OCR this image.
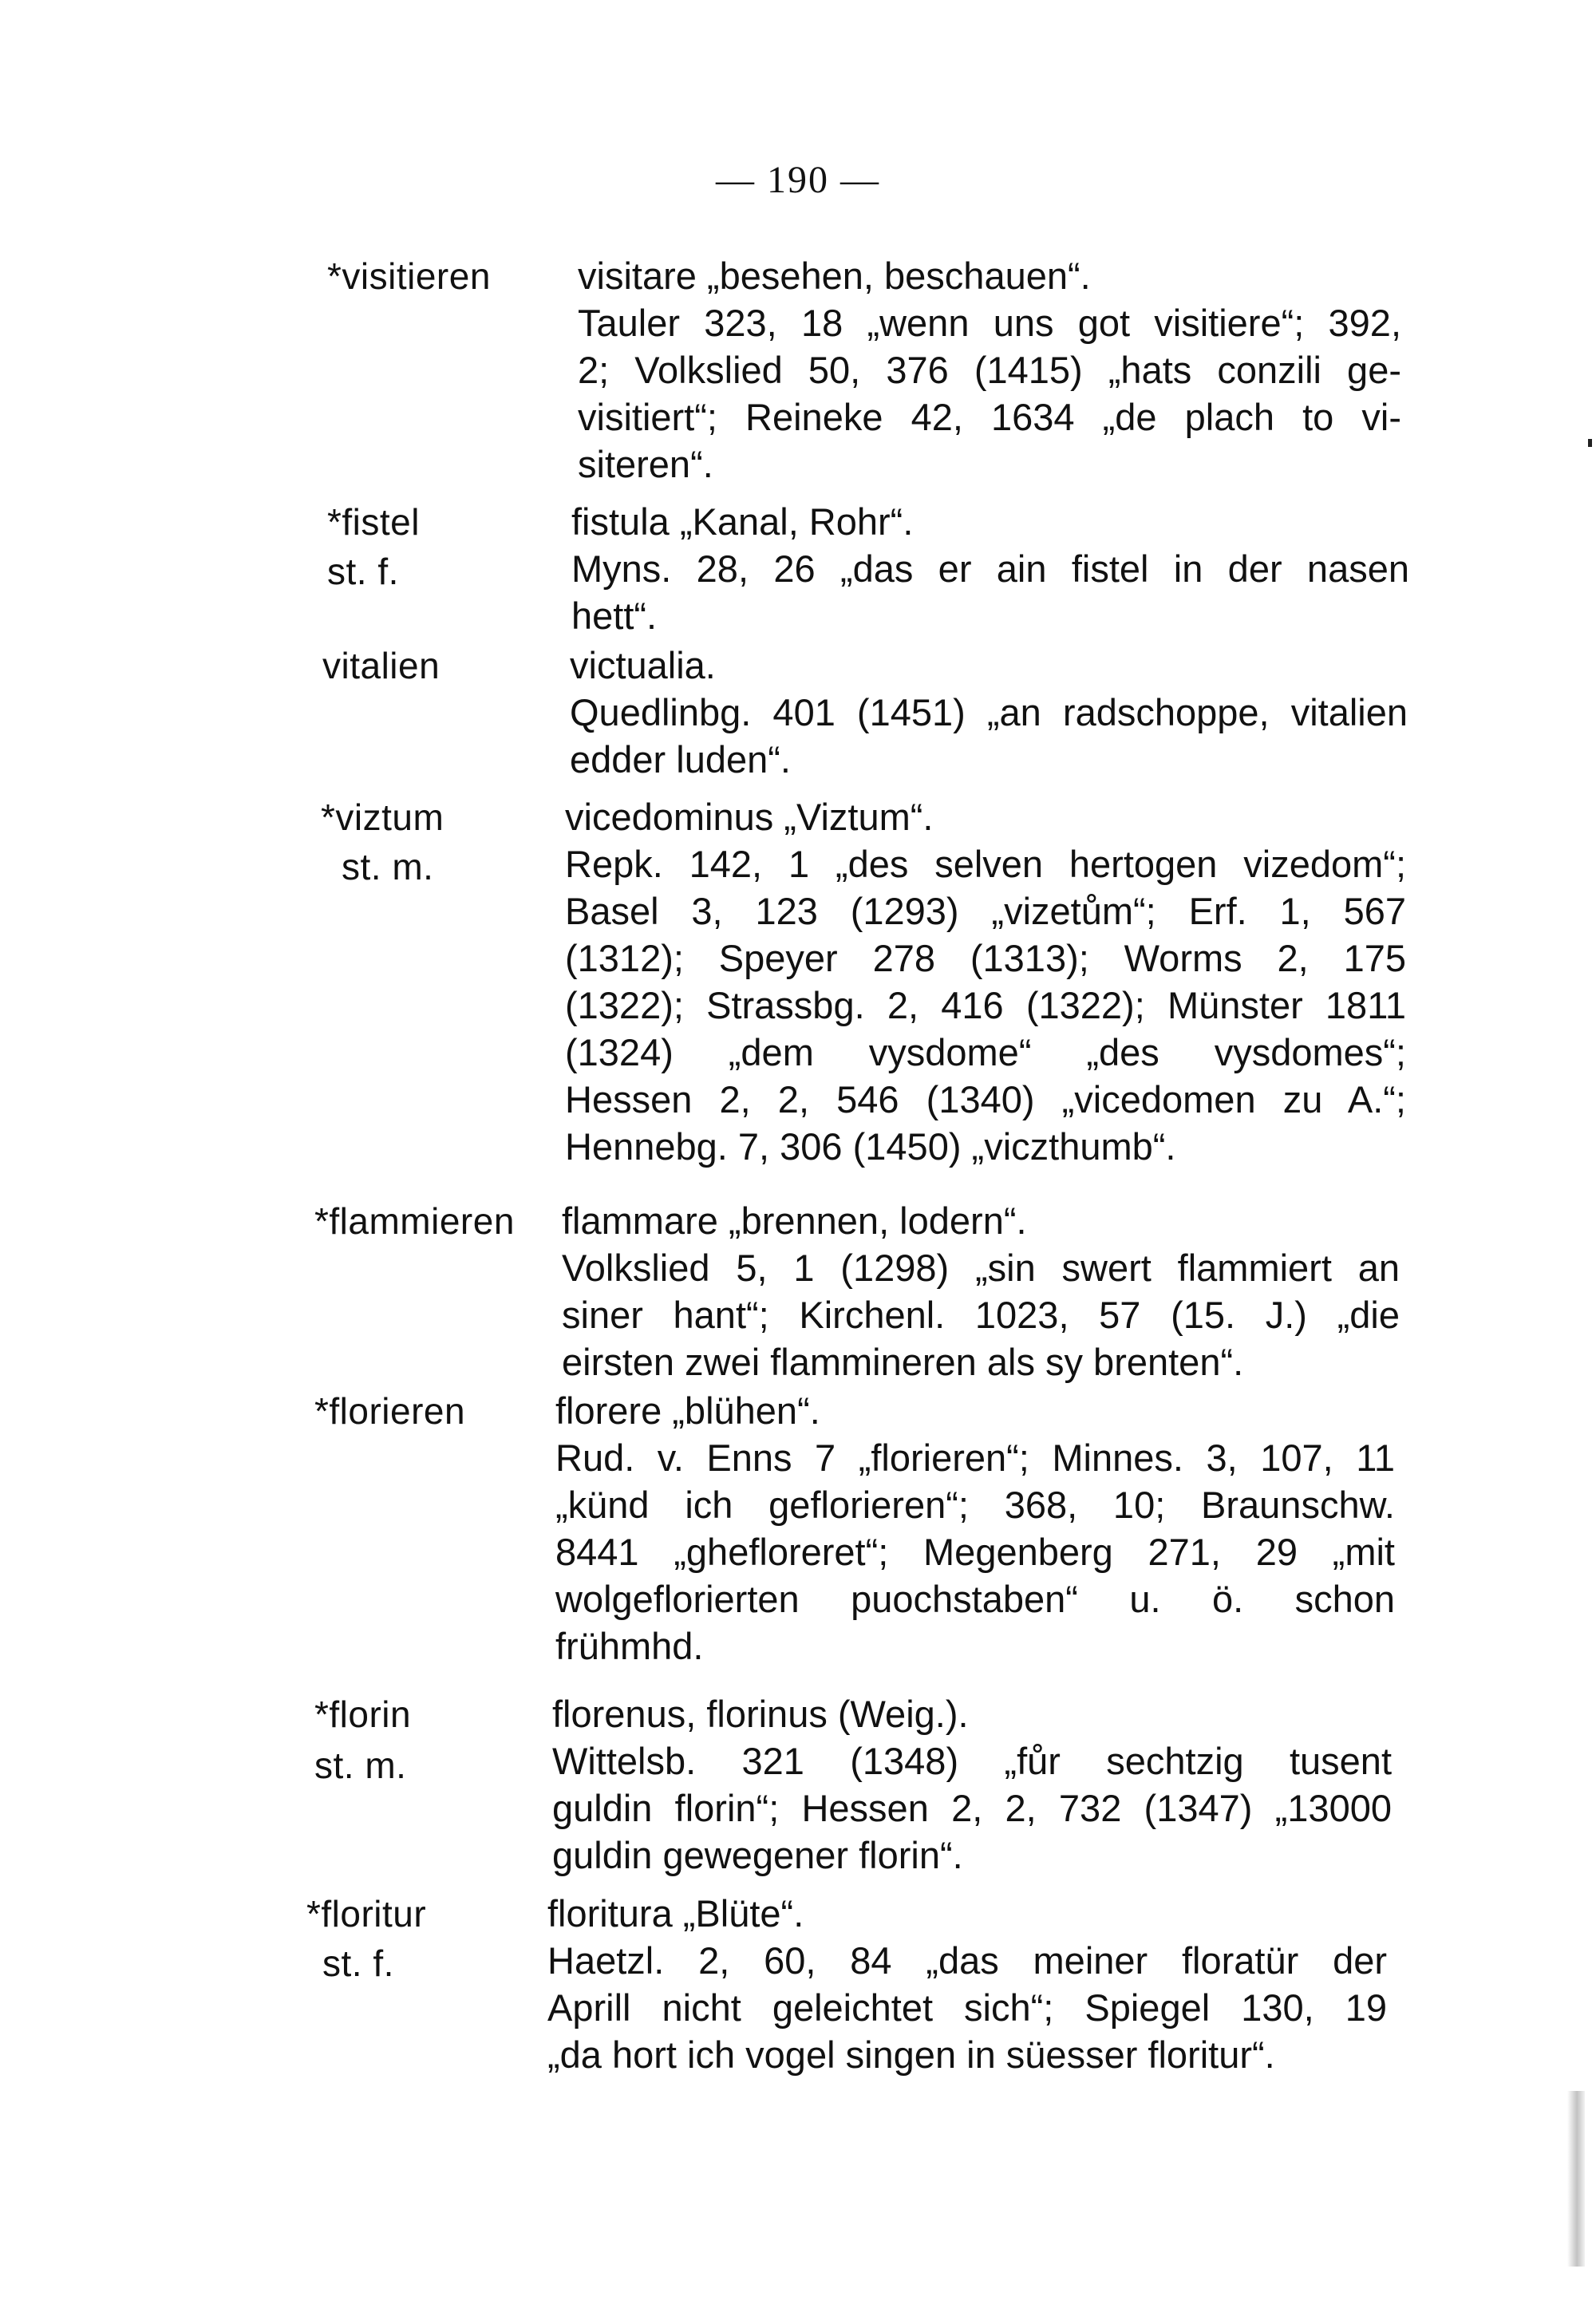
— 190 —
*visitieren visitare „besehen, beschauen“.
Tauler 323, 18 „wenn uns got visitiere“; 392,
2; Volkslied 50, 376 (1415) „hats conzili ge-
visitiert“; Reineke 42, 1634 „de plach to vi-
siteren“.
*fistel
st. f.
fistula „Kanal, Rohr“.
Myns. 28, 26 „das er ain fistel in der nasen
hett“.
vitalien	victualia.
Quedlinbg. 401 (1451) „an radschoppe, vitalien
edder luden“.
*viztum
st. m.
vicedominus „Viztum“.
Repk. 142, 1 „des selven hertogen vizedom“;
Basel 3, 123 (1293) „vizetům“; Erf. 1, 567
(1312); Speyer 278 (1313); Worms 2, 175
(1322); Strassbg. 2, 416 (1322); Münster 1811
(1324) „dem vysdome“ „des vysdomes“;
Hessen 2, 2, 546 (1340) „vicedomen zu A.“;
Hennebg. 7, 306 (1450) „viczthumb“.
*flammieren flammare „brennen, lodern“.
Volkslied 5, 1 (1298) „sin swert flammiert an
siner hant“; Kirchenl. 1023, 57 (15. J.) „die
eirsten zwei flammineren als sy brenten“.
*florieren florere „blühen“.
Rud. v. Enns 7 „florieren“; Minnes. 3, 107, 11
„künd ich geflorieren“; 368, 10; Braunschw.
8441 „ghefloreret“; Megenberg 271, 29 „mit
wolgeflorierten puochstaben“ u. ö. schon
frühmhd.
*florin
st. m.
florenus, florinus (Weig.).
Wittelsb. 321 (1348) „fůr sechtzig tusent
guldin florin“; Hessen 2, 2, 732 (1347) „13000
guldin gewegener florin“.
*floritur
st. f.
floritura „Blüte“.
Haetzl. 2, 60, 84 „das meiner floratür der
Aprill nicht geleichtet sich“; Spiegel 130, 19
„da hort ich vogel singen in süesser floritur“.
